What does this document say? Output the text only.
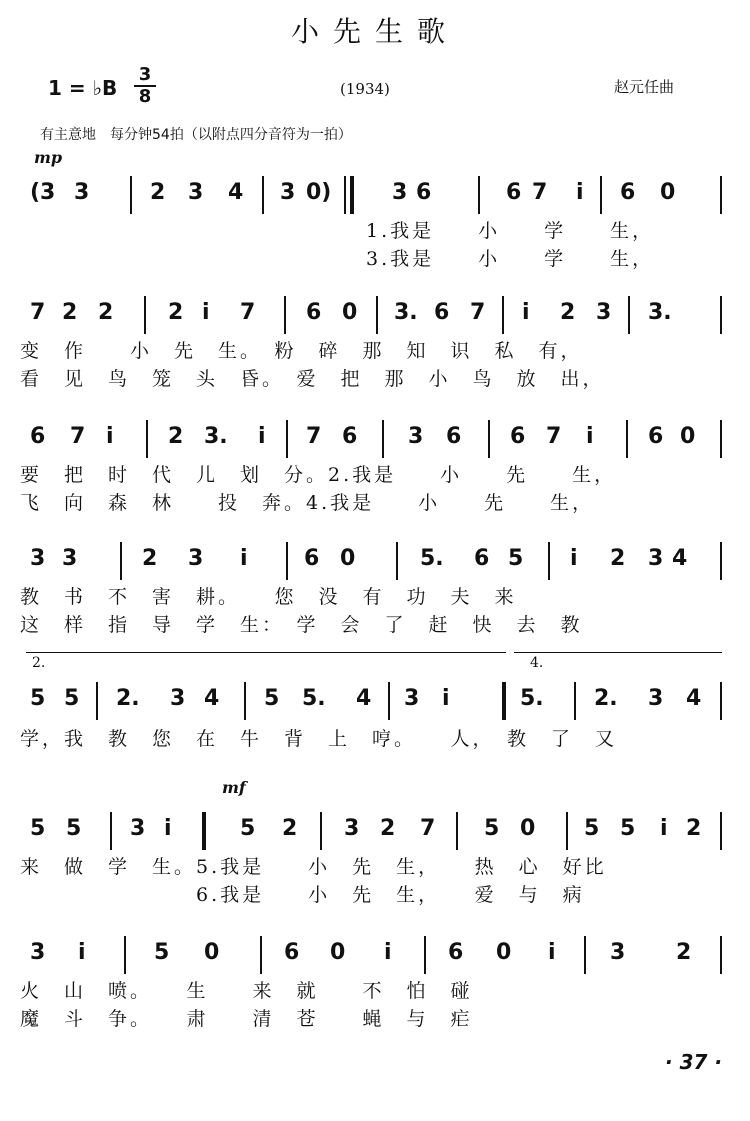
小先生歌
1 = ♭B
3
8	(1934)	赵元任曲
有主意地　每分钟54拍（以附点四分音符为一拍）
mp
mf
(3 3	2 3 4 3 0)	3 6	6 7 i 6 0
1.我是　　小　　学　　生，
3.我是　　小　　学　　生，
7 2 2 2 i 7 6 0 3. 6 7 i 2 3 3.
变　作　　小　先　生。　粉　碎　那　知　识　私　有，
看　见　鸟　笼　头　昏。　爱　把　那　小　鸟　放　出，
6 7 i 2 3. i 7 6 3 6 6 7 i 6 0
要　把　时　代　儿　划　分。2.我是　　小　　先　　生，
飞　向　森　林　　投　奔。4.我是　　小　　先　　生，
3 3	2 3 i	6 0	5. 6 5 i 2 3 4
教　书　不　害　耕。　　您　没　有　功　夫　来
这　样　指　导　学　生：　学　会　了　赶　快　去　教
2.	4.
5 5 2. 3 4 5 5. 4 3 i	5. 2. 3 4
学，我　教　您　在　牛　背　上　哼。　　人，　教　了　又
5 5 3 i	5 2 3 2 7 5 0 5 5 i 2
来　做　学　生。5.我是　　小　先　生，　　热　心　好比
　　　　　　　　6.我是　　小　先　生，　　爱　与　病
3 i	5 0	6 0 i	6 0 i 3 2
火　山　喷。　　生　　来　就　　不　怕　碰
魔　斗　争。　　肃　　清　苍　　蝇　与　疟
· 37 ·
